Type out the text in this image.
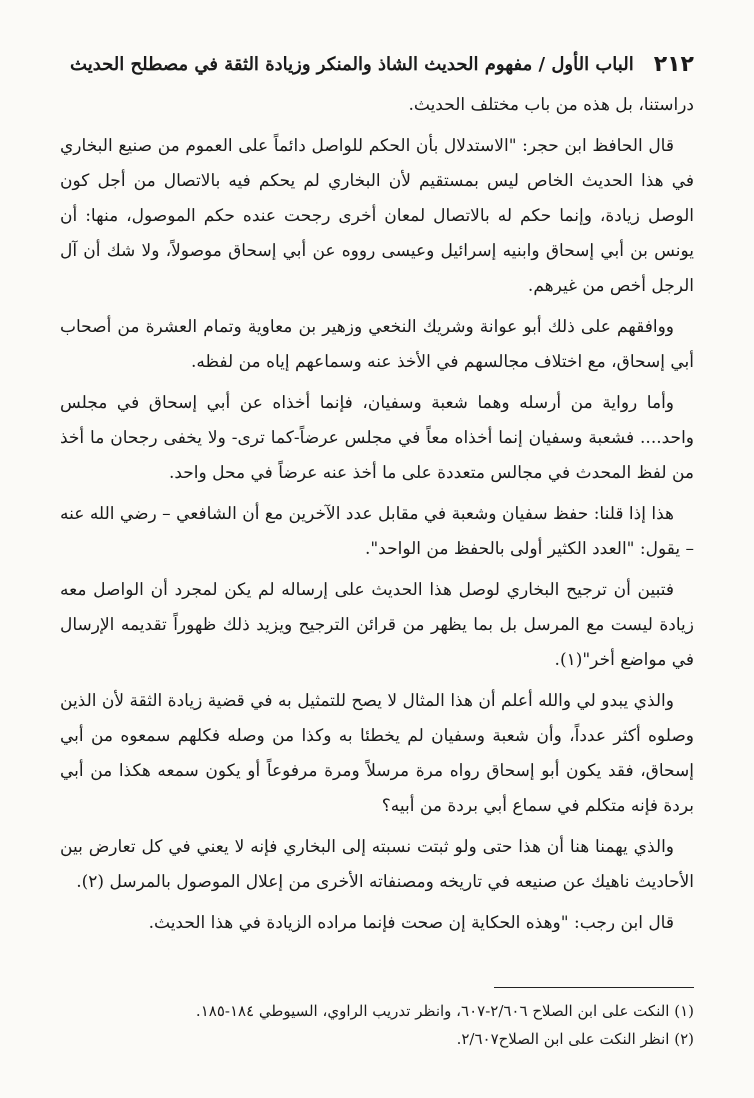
٢١٢
الباب الأول / مفهوم الحديث الشاذ والمنكر وزيادة الثقة في مصطلح الحديث

دراستنا، بل هذه من باب مختلف الحديث.

قال الحافظ ابن حجر: "الاستدلال بأن الحكم للواصل دائماً على العموم من صنيع البخاري في هذا الحديث الخاص ليس بمستقيم لأن البخاري لم يحكم فيه بالاتصال من أجل كون الوصل زيادة، وإنما حكم له بالاتصال لمعان أخرى رجحت عنده حكم الموصول، منها: أن يونس بن أبي إسحاق وابنيه إسرائيل وعيسى رووه عن أبي إسحاق موصولاً، ولا شك أن آل الرجل أخص من غيرهم.

ووافقهم على ذلك أبو عوانة وشريك النخعي وزهير بن معاوية وتمام العشرة من أصحاب أبي إسحاق، مع اختلاف مجالسهم في الأخذ عنه وسماعهم إياه من لفظه.

وأما رواية من أرسله وهما شعبة وسفيان، فإنما أخذاه عن أبي إسحاق في مجلس واحد.... فشعبة وسفيان إنما أخذاه معاً في مجلس عرضاً-كما ترى- ولا يخفى رجحان ما أخذ من لفظ المحدث في مجالس متعددة على ما أخذ عنه عرضاً في محل واحد.

هذا إذا قلنا: حفظ سفيان وشعبة في مقابل عدد الآخرين مع أن الشافعي – رضي الله عنه – يقول: "العدد الكثير أولى بالحفظ من الواحد".

فتبين أن ترجيح البخاري لوصل هذا الحديث على إرساله لم يكن لمجرد أن الواصل معه زيادة ليست مع المرسل بل بما يظهر من قرائن الترجيح ويزيد ذلك ظهوراً تقديمه الإرسال في مواضع أخر"(١).

والذي يبدو لي والله أعلم أن هذا المثال لا يصح للتمثيل به في قضية زيادة الثقة لأن الذين وصلوه أكثر عدداً، وأن شعبة وسفيان لم يخطئا به وكذا من وصله فكلهم سمعوه من أبي إسحاق، فقد يكون أبو إسحاق رواه مرة مرسلاً ومرة مرفوعاً أو يكون سمعه هكذا من أبي بردة فإنه متكلم في سماع أبي بردة من أبيه؟

والذي يهمنا هنا أن هذا حتى ولو ثبتت نسبته إلى البخاري فإنه لا يعني في كل تعارض بين الأحاديث ناهيك عن صنيعه في تاريخه ومصنفاته الأخرى من إعلال الموصول بالمرسل (٢).

قال ابن رجب: "وهذه الحكاية إن صحت فإنما مراده الزيادة في هذا الحديث.

(١) النكت على ابن الصلاح ٢/٦٠٦-٦٠٧، وانظر تدريب الراوي، السيوطي ١٨٤-١٨٥.

(٢) انظر النكت على ابن الصلاح٢/٦٠٧.
